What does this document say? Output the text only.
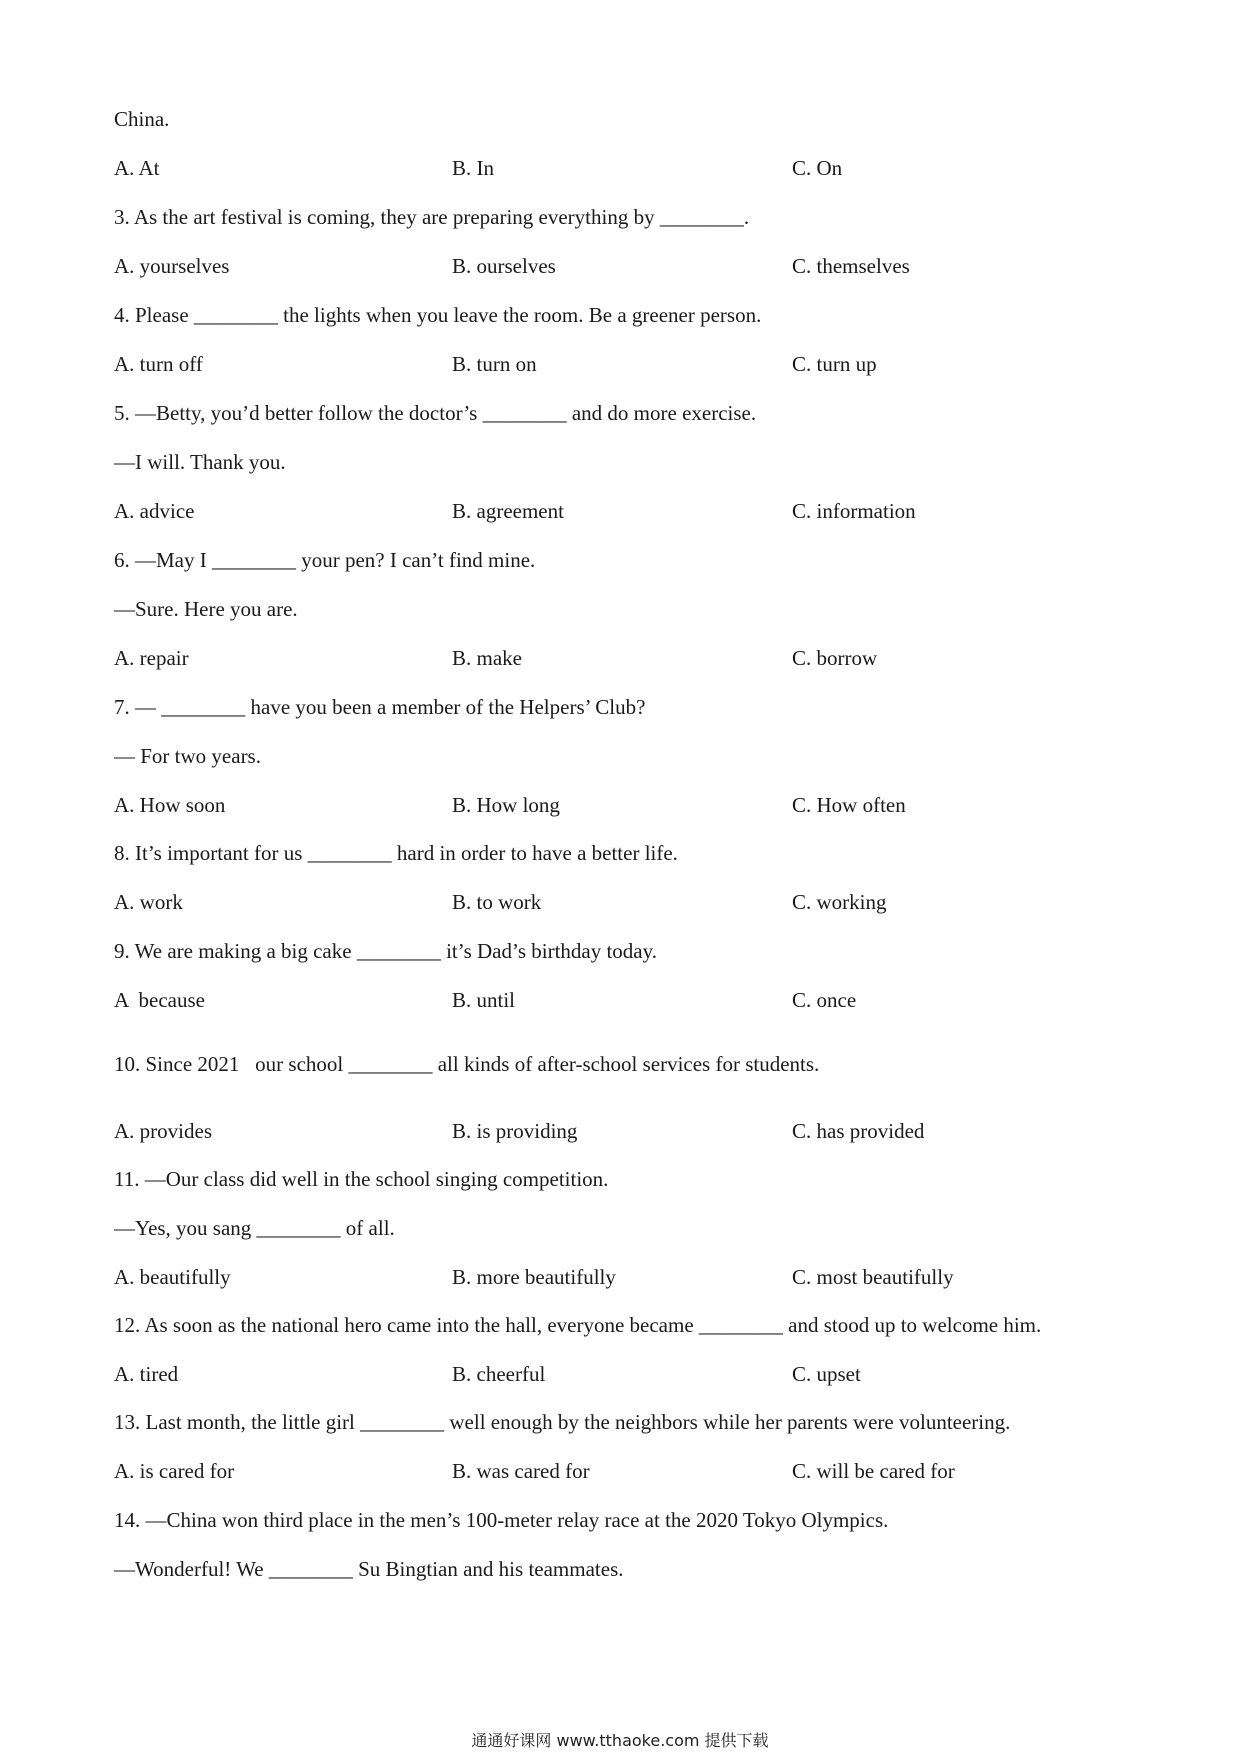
China.
A. At	B. In	C. On
3. As the art festival is coming, they are preparing everything by ________.
A. yourselves	B. ourselves	C. themselves
4. Please ________ the lights when you leave the room. Be a greener person.
A. turn off	B. turn on	C. turn up
5. —Betty, you’d better follow the doctor’s ________ and do more exercise.
—I will. Thank you.
A. advice	B. agreement	C. information
6. —May I ________ your pen? I can’t find mine.
—Sure. Here you are.
A. repair	B. make	C. borrow
7. — ________ have you been a member of the Helpers’ Club?
— For two years.
A. How soon	B. How long	C. How often
8. It’s important for us ________ hard in order to have a better life.
A. work	B. to work	C. working
9. We are making a big cake ________ it’s Dad’s birthday today.
A  because	B. until	C. once
10. Since 2021   our school ________ all kinds of after-school services for students.
A. provides	B. is providing	C. has provided
11. —Our class did well in the school singing competition.
—Yes, you sang ________ of all.
A. beautifully	B. more beautifully	C. most beautifully
12. As soon as the national hero came into the hall, everyone became ________ and stood up to welcome him.
A. tired	B. cheerful	C. upset
13. Last month, the little girl ________ well enough by the neighbors while her parents were volunteering.
A. is cared for	B. was cared for	C. will be cared for
14. —China won third place in the men’s 100-meter relay race at the 2020 Tokyo Olympics.
—Wonderful! We ________ Su Bingtian and his teammates.
通通好课网 www.tthaoke.com 提供下载
